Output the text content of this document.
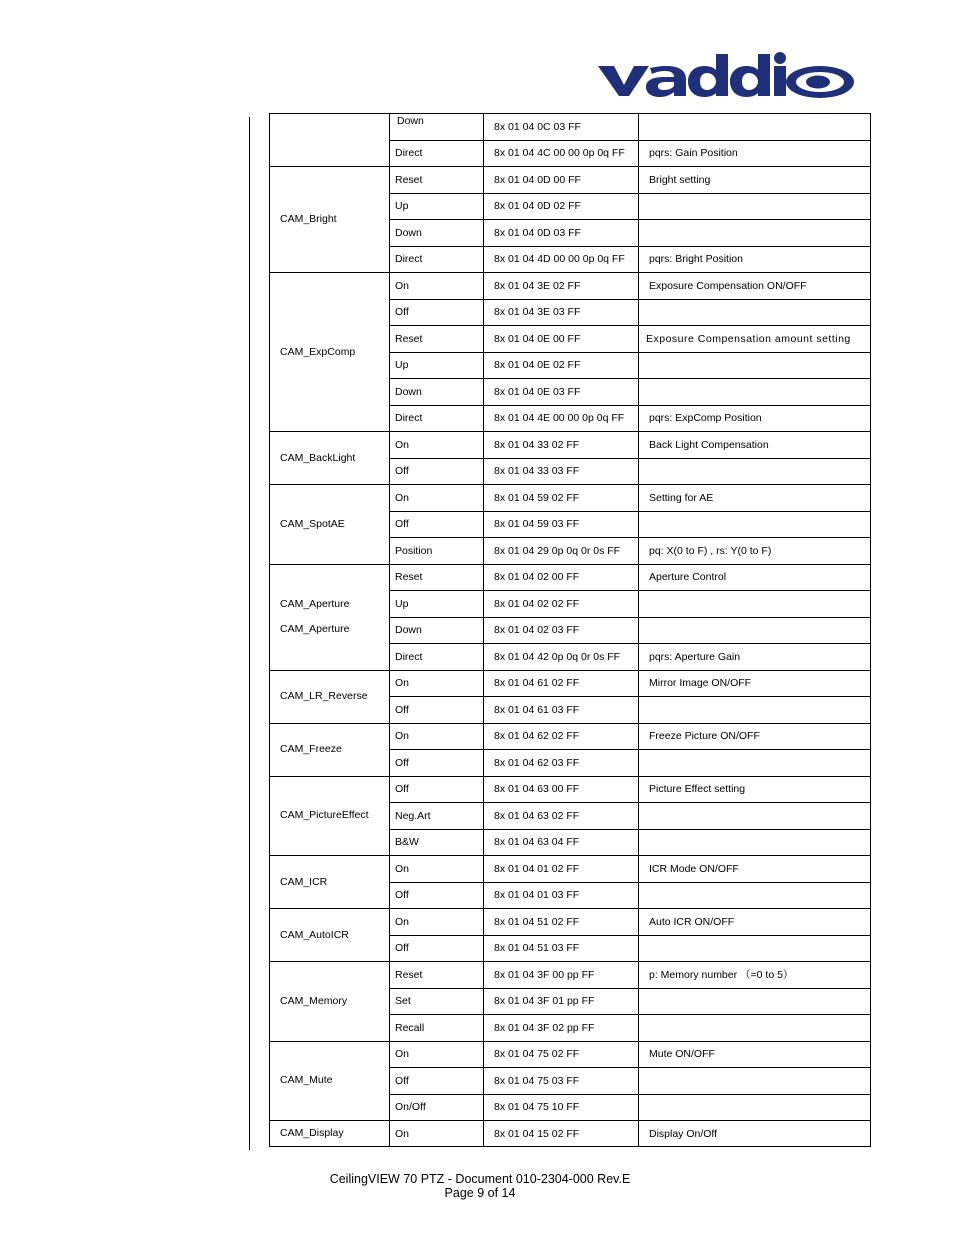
	Down	8x 01 04 0C 03 FF	
	Direct	8x 01 04 4C 00 00 0p 0q FF	pqrs: Gain Position

CAM_Bright	Reset	8x 01 04 0D 00 FF	Bright setting
	Up	8x 01 04 0D 02 FF	
	Down	8x 01 04 0D 03 FF	
	Direct	8x 01 04 4D 00 00 0p 0q FF	pqrs: Bright Position

CAM_ExpComp	On	8x 01 04 3E 02 FF	Exposure Compensation ON/OFF
	Off	8x 01 04 3E 03 FF	
	Reset	8x 01 04 0E 00 FF	Exposure Compensation amount setting
	Up	8x 01 04 0E 02 FF	
	Down	8x 01 04 0E 03 FF	
	Direct	8x 01 04 4E 00 00 0p 0q FF	pqrs: ExpComp Position

CAM_BackLight	On	8x 01 04 33 02 FF	Back Light Compensation
	Off	8x 01 04 33 03 FF	

CAM_SpotAE	On	8x 01 04 59 02 FF	Setting for AE
	Off	8x 01 04 59 03 FF	
	Position	8x 01 04 29 0p 0q 0r 0s FF	pq: X(0 to F) , rs: Y(0 to F)

CAM_Aperture
CAM_Aperture	Reset	8x 01 04 02 00 FF	Aperture Control
	Up	8x 01 04 02 02 FF	
	Down	8x 01 04 02 03 FF	
	Direct	8x 01 04 42 0p 0q 0r 0s FF	pqrs: Aperture Gain

CAM_LR_Reverse	On	8x 01 04 61 02 FF	Mirror Image ON/OFF
	Off	8x 01 04 61 03 FF	

CAM_Freeze	On	8x 01 04 62 02 FF	Freeze Picture ON/OFF
	Off	8x 01 04 62 03 FF	

CAM_PictureEffect	Off	8x 01 04 63 00 FF	Picture Effect setting
	Neg.Art	8x 01 04 63 02 FF	
	B&W	8x 01 04 63 04 FF	

CAM_ICR	On	8x 01 04 01 02 FF	ICR Mode ON/OFF
	Off	8x 01 04 01 03 FF	

CAM_AutoICR	On	8x 01 04 51 02 FF	Auto ICR ON/OFF
	Off	8x 01 04 51 03 FF	

CAM_Memory	Reset	8x 01 04 3F 00 pp FF	p: Memory number （=0 to 5）
	Set	8x 01 04 3F 01 pp FF	
	Recall	8x 01 04 3F 02 pp FF	

CAM_Mute	On	8x 01 04 75 02 FF	Mute ON/OFF
	Off	8x 01 04 75 03 FF	
	On/Off	8x 01 04 75 10 FF	

CAM_Display	On	8x 01 04 15 02 FF	Display On/Off
CeilingVIEW 70 PTZ - Document 010-2304-000 Rev.E
Page 9 of 14
